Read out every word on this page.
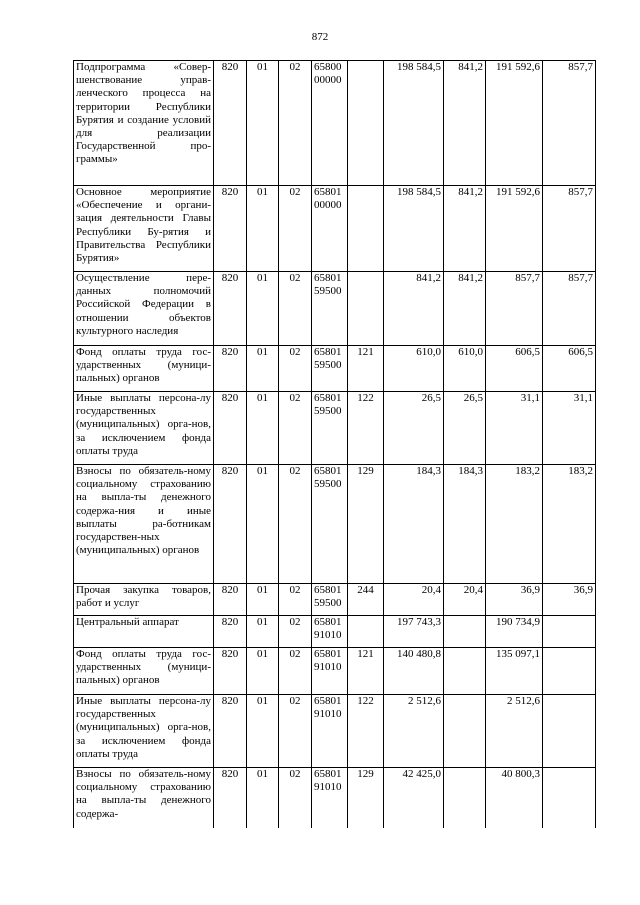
872
Подпрограмма «Совер-шенствование управ-ленческого процесса на территории Республики Бурятия и создание условий для реализации Государственной про-граммы»	820	01	02	65800 00000		198 584,5	841,2	191 592,6	857,7
Основное мероприятие «Обеспечение и органи-зация деятельности Главы Республики Бу-рятия и Правительства Республики Бурятия»	820	01	02	65801 00000		198 584,5	841,2	191 592,6	857,7
Осуществление пере-данных полномочий Российской Федерации в отношении объектов культурного наследия	820	01	02	65801 59500		841,2	841,2	857,7	857,7
Фонд оплаты труда гос-ударственных (муници-пальных) органов	820	01	02	65801 59500	121	610,0	610,0	606,5	606,5
Иные выплаты персона-лу государственных (муниципальных) орга-нов, за исключением фонда оплаты труда	820	01	02	65801 59500	122	26,5	26,5	31,1	31,1
Взносы по обязатель-ному социальному страхованию на выпла-ты денежного содержа-ния и иные выплаты ра-ботникам государствен-ных (муниципальных) органов	820	01	02	65801 59500	129	184,3	184,3	183,2	183,2
Прочая закупка товаров, работ и услуг	820	01	02	65801 59500	244	20,4	20,4	36,9	36,9
Центральный аппарат	820	01	02	65801 91010		197 743,3		190 734,9	
Фонд оплаты труда гос-ударственных (муници-пальных) органов	820	01	02	65801 91010	121	140 480,8		135 097,1	
Иные выплаты персона-лу государственных (муниципальных) орга-нов, за исключением фонда оплаты труда	820	01	02	65801 91010	122	2 512,6		2 512,6	
Взносы по обязатель-ному социальному страхованию на выпла-ты денежного содержа-	820	01	02	65801 91010	129	42 425,0		40 800,3	
